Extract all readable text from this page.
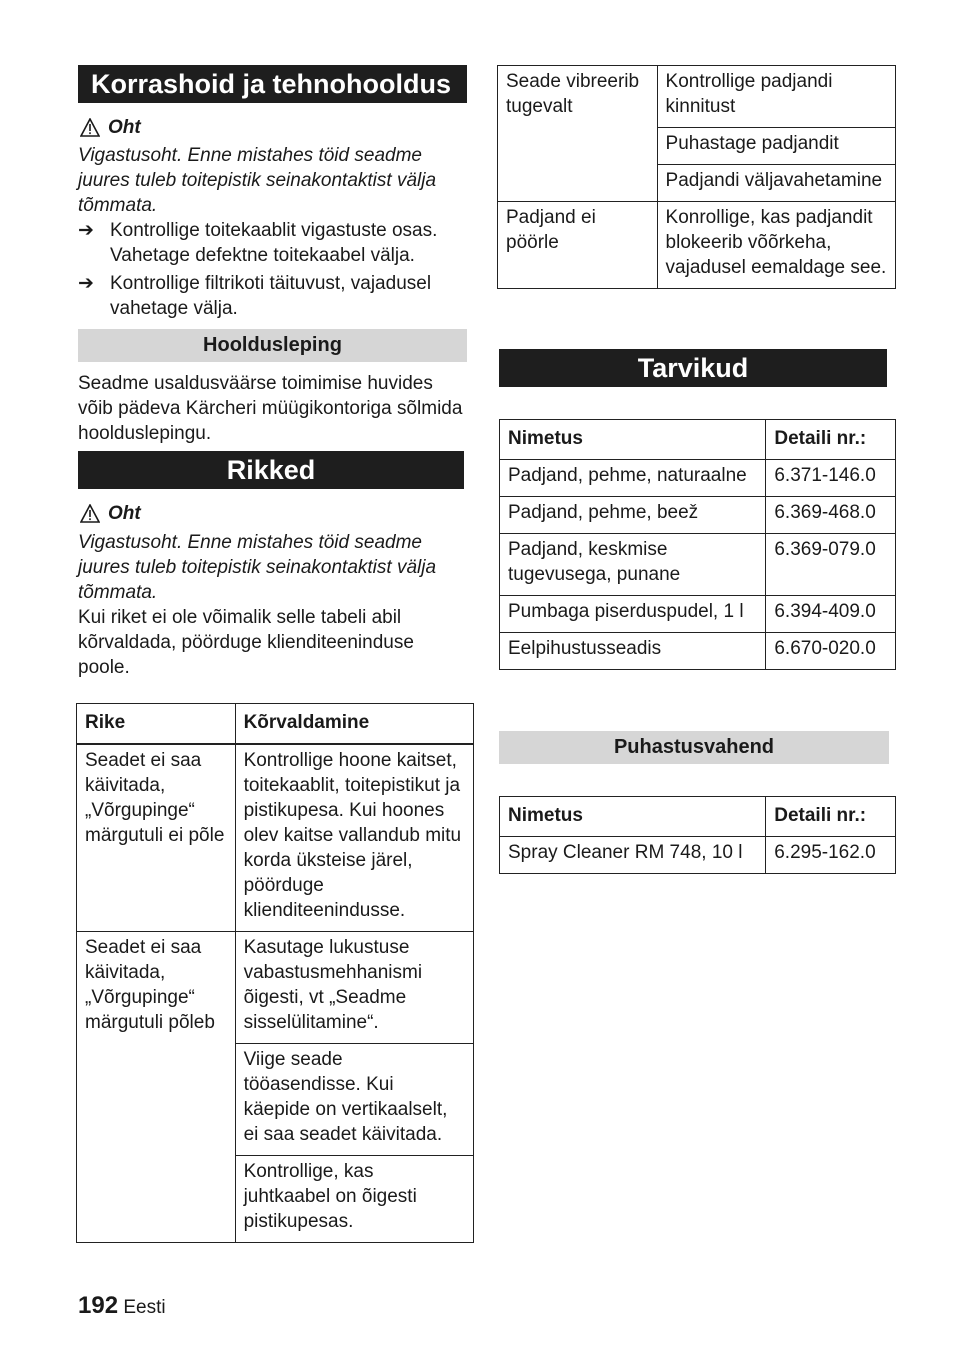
Korrashoid ja tehnohooldus
Oht
Vigastusoht. Enne mistahes töid seadme juures tuleb toitepistik seinakontaktist välja tõmmata.
➔ Kontrollige toitekaablit vigastuste osas. Vahetage defektne toitekaabel välja.
➔ Kontrollige filtrikoti täituvust, vajadusel vahetage välja.
Hooldusleping
Seadme usaldusväärse toimimise huvides võib pädeva Kärcheri müügikontoriga sõlmida hoolduslepingu.
Rikked
Oht
Vigastusoht. Enne mistahes töid seadme juures tuleb toitepistik seinakontaktist välja tõmmata.
Kui riket ei ole võimalik selle tabeli abil kõrvaldada, pöörduge klienditeeninduse poole.
Rike	Kõrvaldamine
Seadet ei saa käivitada, „Võrgupinge“ märgutuli ei põle	Kontrollige hoone kaitset, toitekaablit, toitepistikut ja pistikupesa. Kui hoones olev kaitse vallandub mitu korda üksteise järel, pöörduge klienditeenindusse.
Seadet ei saa käivitada, „Võrgupinge“ märgutuli põleb	Kasutage lukustuse vabastusmehhanismi õigesti, vt „Seadme sisselülitamine“.
	Viige seade tööasendisse. Kui käepide on vertikaalselt, ei saa seadet käivitada.
	Kontrollige, kas juhtkaabel on õigesti pistikupesas.
192 Eesti
Seade vibreerib tugevalt	Kontrollige padjandi kinnitust
	Puhastage padjandit
	Padjandi väljavahetamine
Padjand ei pöörle	Konrollige, kas padjandit blokeerib võõrkeha, vajadusel eemaldage see.
Tarvikud
Nimetus	Detaili nr.:
Padjand, pehme, naturaalne	6.371-146.0
Padjand, pehme, beež	6.369-468.0
Padjand, keskmise tugevusega, punane	6.369-079.0
Pumbaga piserduspudel, 1 l	6.394-409.0
Eelpihustusseadis	6.670-020.0
Puhastusvahend
Nimetus	Detaili nr.:
Spray Cleaner RM 748, 10 l	6.295-162.0
